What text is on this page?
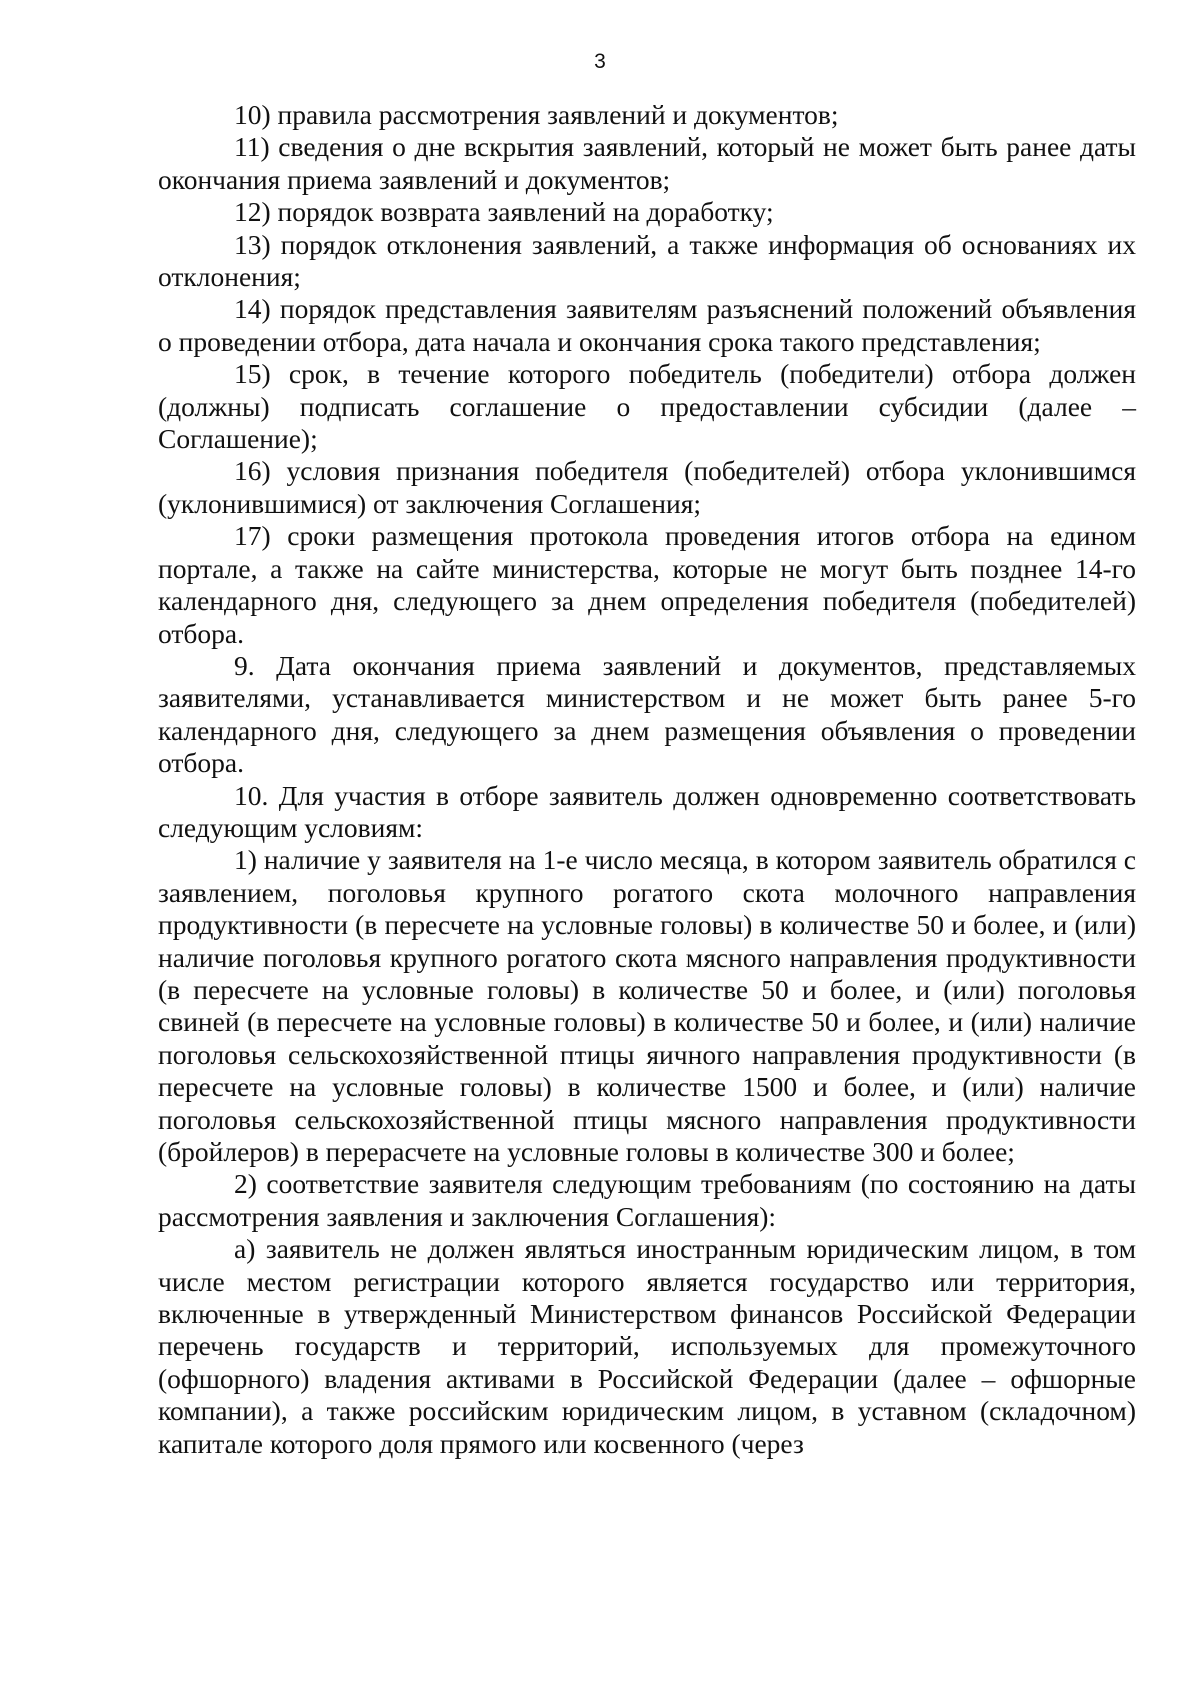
3

10) правила рассмотрения заявлений и документов;

11) сведения о дне вскрытия заявлений, который не может быть ранее даты окончания приема заявлений и документов;

12) порядок возврата заявлений на доработку;

13) порядок отклонения заявлений, а также информация об основаниях их отклонения;

14) порядок представления заявителям разъяснений положений объявления о проведении отбора, дата начала и окончания срока такого представления;

15) срок, в течение которого победитель (победители) отбора должен (должны) подписать соглашение о предоставлении субсидии (далее – Соглашение);

16) условия признания победителя (победителей) отбора уклонившимся (уклонившимися) от заключения Соглашения;

17) сроки размещения протокола проведения итогов отбора на едином портале, а также на сайте министерства, которые не могут быть позднее 14-го календарного дня, следующего за днем определения победителя (победителей) отбора.

9. Дата окончания приема заявлений и документов, представляемых заявителями, устанавливается министерством и не может быть ранее 5-го календарного дня, следующего за днем размещения объявления о проведении отбора.

10. Для участия в отборе заявитель должен одновременно соответствовать следующим условиям:

1) наличие у заявителя на 1-е число месяца, в котором заявитель обратился с заявлением, поголовья крупного рогатого скота молочного направления продуктивности (в пересчете на условные головы) в количестве 50 и более, и (или) наличие поголовья крупного рогатого скота мясного направления продуктивности (в пересчете на условные головы) в количестве 50 и более, и (или) поголовья свиней (в пересчете на условные головы) в количестве 50 и более, и (или) наличие поголовья сельскохозяйственной птицы яичного направления продуктивности (в пересчете на условные головы) в количестве 1500 и более, и (или) наличие поголовья сельскохозяйственной птицы мясного направления продуктивности (бройлеров) в перерасчете на условные головы в количестве 300 и более;

2) соответствие заявителя следующим требованиям (по состоянию на даты рассмотрения заявления и заключения Соглашения):

а) заявитель не должен являться иностранным юридическим лицом, в том числе местом регистрации которого является государство или территория, включенные в утвержденный Министерством финансов Российской Федерации перечень государств и территорий, используемых для промежуточного (офшорного) владения активами в Российской Федерации (далее – офшорные компании), а также российским юридическим лицом, в уставном (складочном) капитале которого доля прямого или косвенного (через
